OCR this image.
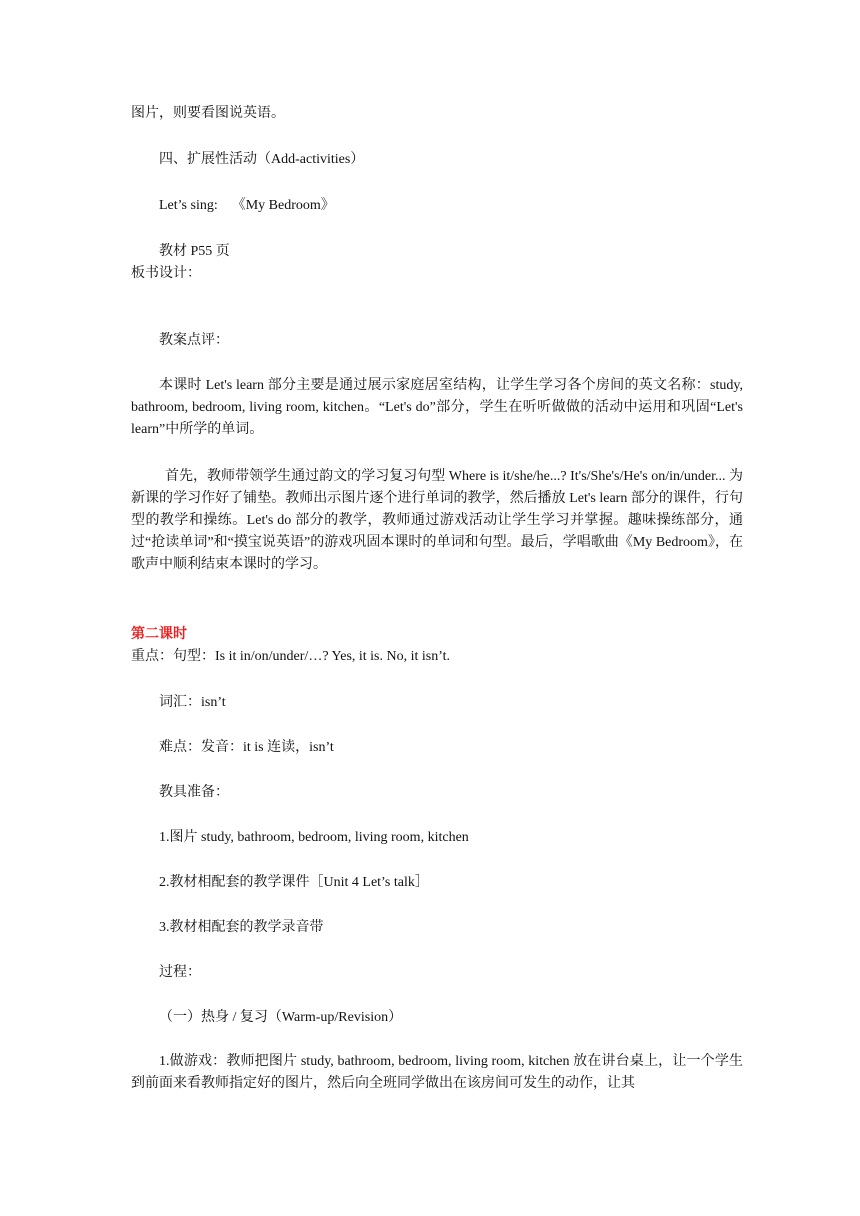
图片，则要看图说英语。
四、扩展性活动（Add-activities）
Let’s sing:    《My Bedroom》
教材 P55 页
板书设计：
教案点评：
本课时 Let's learn 部分主要是通过展示家庭居室结构，让学生学习各个房间的英文名称：study, bathroom, bedroom, living room, kitchen。“Let's do”部分，学生在听听做做的活动中运用和巩固“Let's learn”中所学的单词。
首先，教师带领学生通过韵文的学习复习句型 Where is it/she/he...? It's/She's/He's on/in/under... 为新课的学习作好了铺垫。教师出示图片逐个进行单词的教学，然后播放 Let's learn 部分的课件，行句型的教学和操练。Let's do 部分的教学，教师通过游戏活动让学生学习并掌握。趣味操练部分，通过“抢读单词”和“摸宝说英语”的游戏巩固本课时的单词和句型。最后，学唱歌曲《My Bedroom》，在歌声中顺利结束本课时的学习。
第二课时
重点：句型：Is it in/on/under/…? Yes, it is. No, it isn’t.
词汇：isn’t
难点：发音：it is 连读，isn’t
教具准备：
1.图片 study, bathroom, bedroom, living room, kitchen
2.教材相配套的教学课件［Unit 4 Let’s talk］
3.教材相配套的教学录音带
过程：
（一）热身 / 复习（Warm-up/Revision）
1.做游戏：教师把图片 study, bathroom, bedroom, living room, kitchen 放在讲台桌上，让一个学生到前面来看教师指定好的图片，然后向全班同学做出在该房间可发生的动作，让其
